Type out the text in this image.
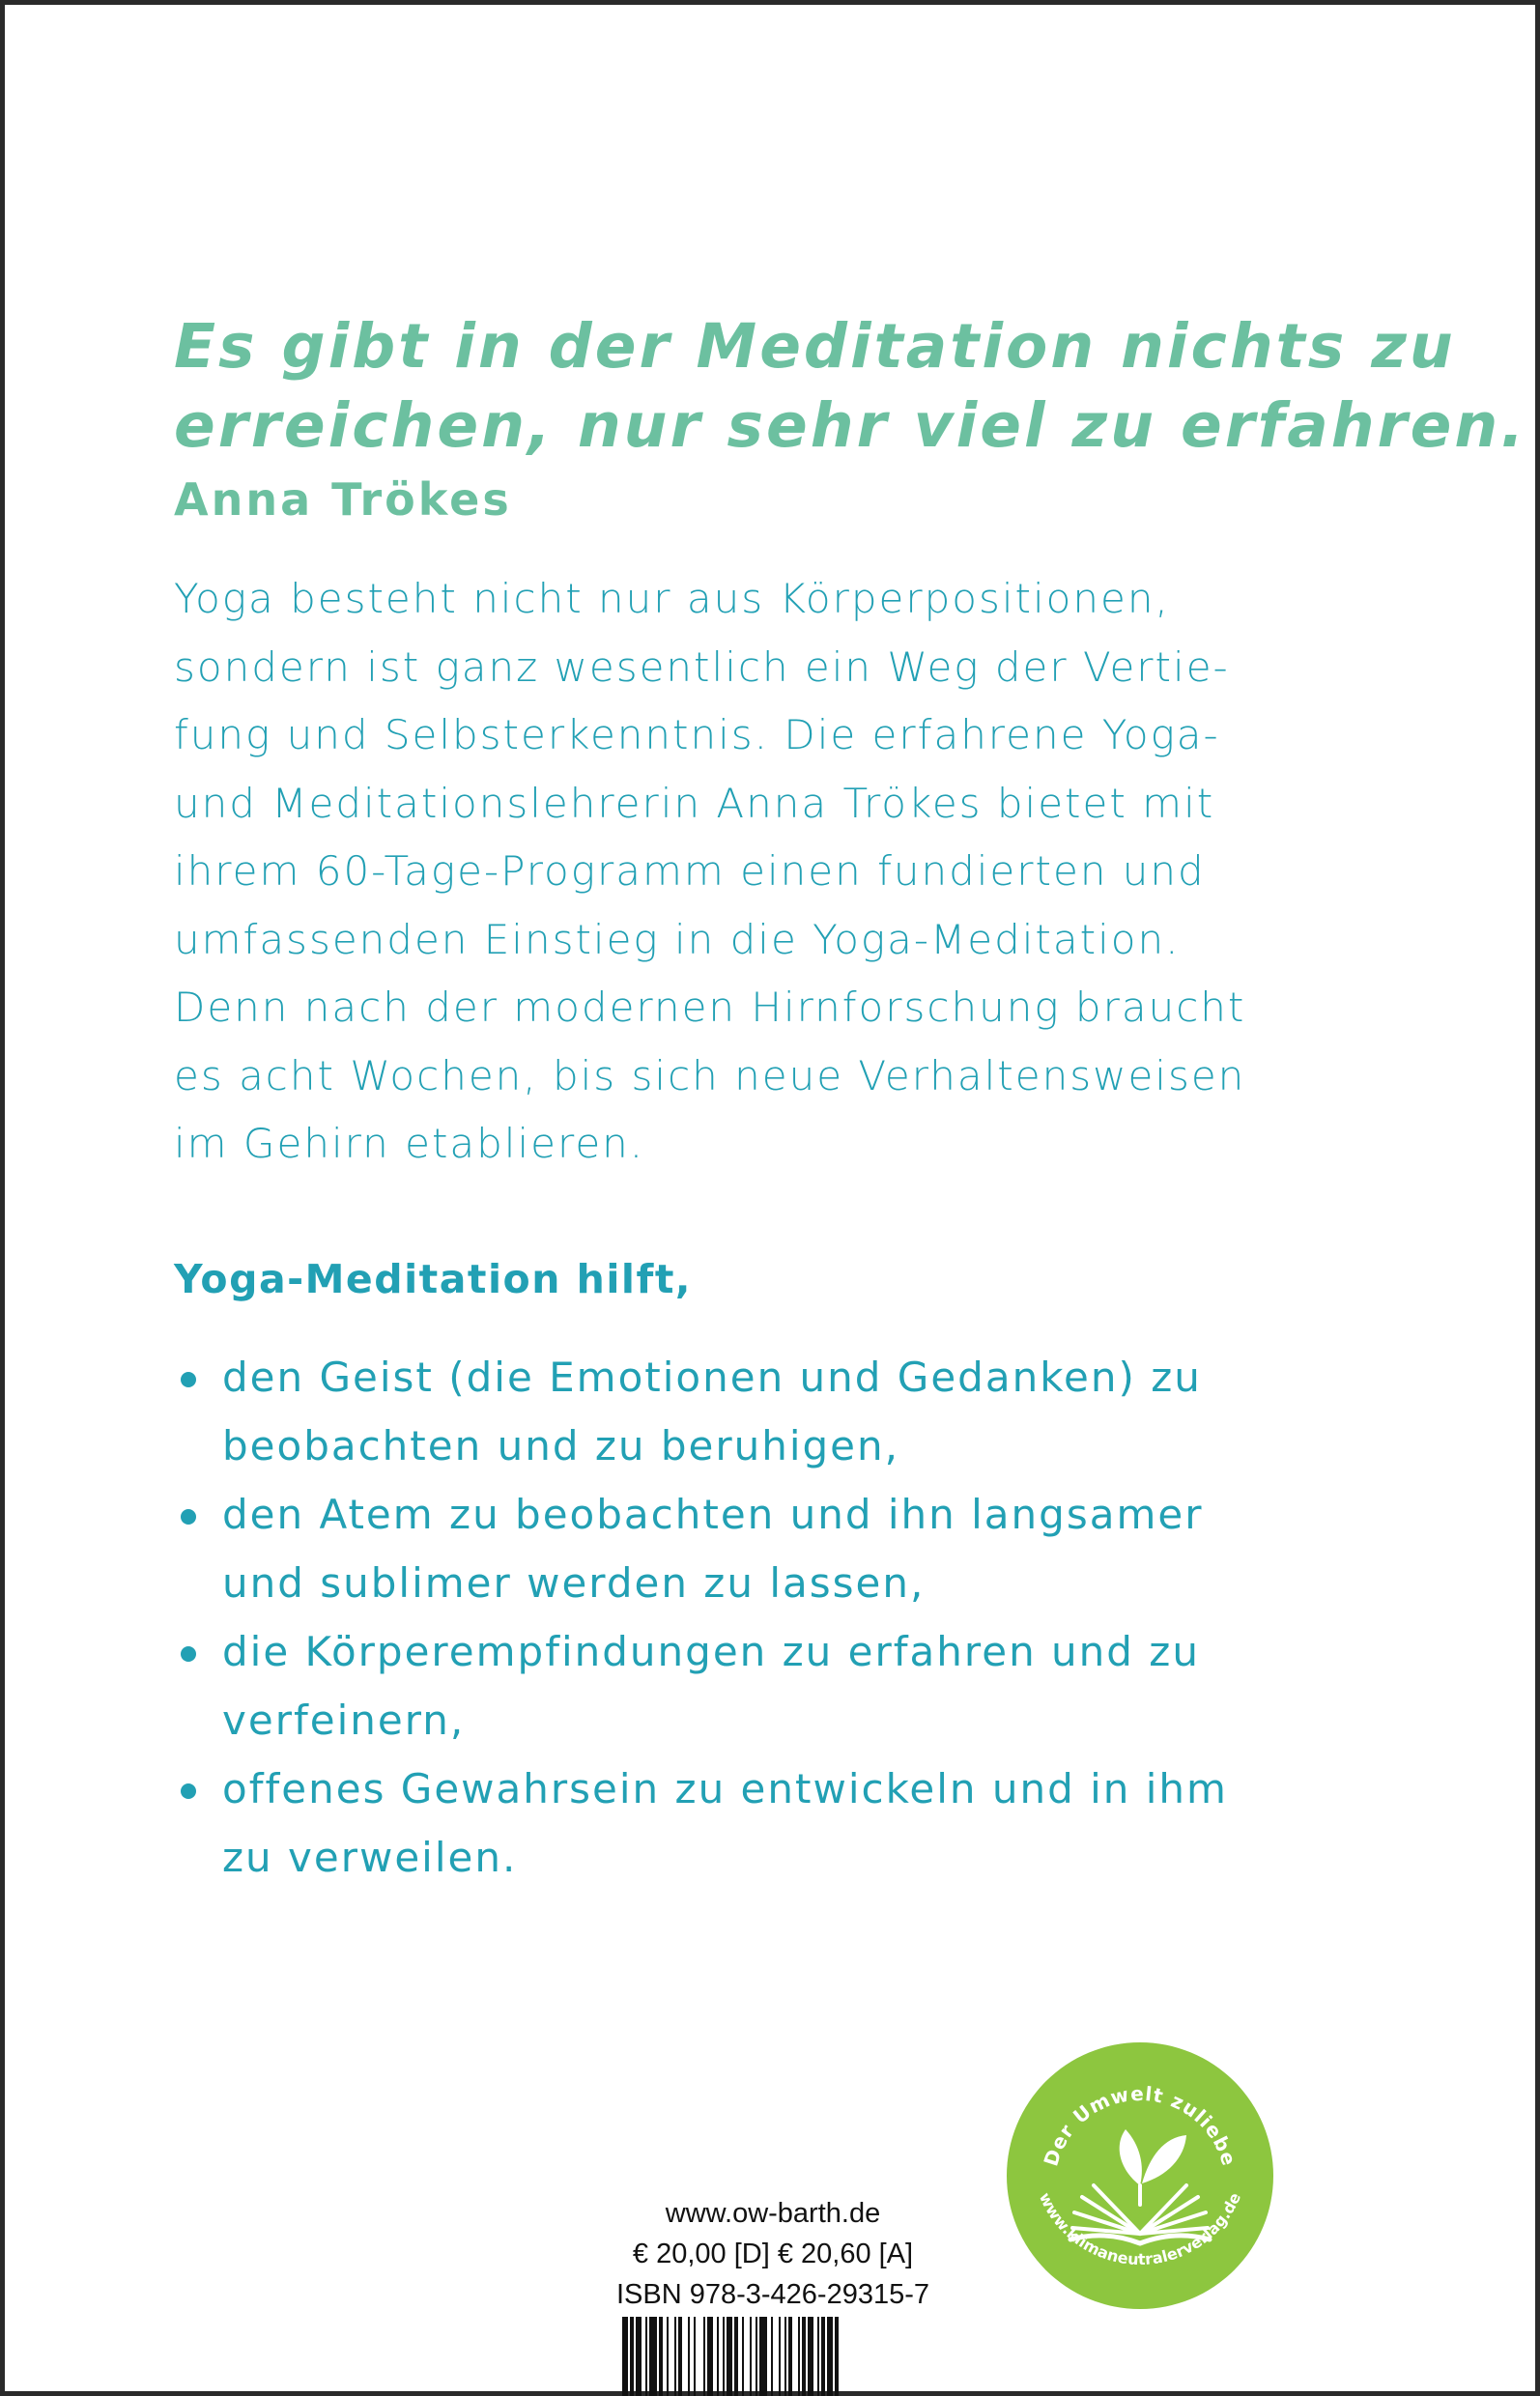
Es gibt in der Meditation nichts zu
erreichen, nur sehr viel zu erfahren.
Anna Trökes
Yoga besteht nicht nur aus Körperpositionen,
sondern ist ganz wesentlich ein Weg der Vertie-
fung und Selbsterkenntnis. Die erfahrene Yoga-
und Meditationslehrerin Anna Trökes bietet mit
ihrem 60-Tage-Programm einen fundierten und
umfassenden Einstieg in die Yoga-Meditation.
Denn nach der modernen Hirnforschung braucht
es acht Wochen, bis sich neue Verhaltensweisen
im Gehirn etablieren.
Yoga-Meditation hilft,
den Geist (die Emotionen und Gedanken) zu
beobachten und zu beruhigen,
den Atem zu beobachten und ihn langsamer
und sublimer werden zu lassen,
die Körperempfindungen zu erfahren und zu
verfeinern,
offenes Gewahrsein zu entwickeln und in ihm
zu verweilen.
www.ow-barth.de
€ 20,00 [D] € 20,60 [A]
ISBN 978-3-426-29315-7
Der Umwelt zuliebe
www.klimaneutralerverlag.de
